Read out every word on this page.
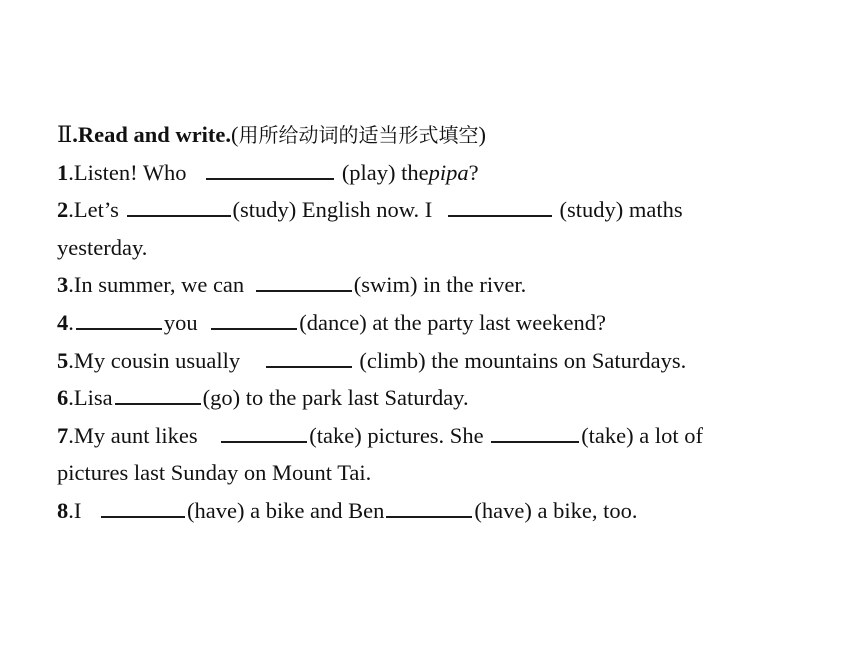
Ⅱ.Read and write.(用所给动词的适当形式填空)
1.Listen! Who	(play) thepipa?
2.Let’s	(study) English now. I	(study) maths
yesterday.
3.In summer, we can	(swim) in the river.
4.	you	(dance) at the party last weekend?
5.My cousin usually	(climb) the mountains on Saturdays.
6.Lisa	(go) to the park last Saturday.
7.My aunt likes	(take) pictures. She	(take) a lot of
pictures last Sunday on Mount Tai.
8.I	(have) a bike and Ben	(have) a bike, too.
